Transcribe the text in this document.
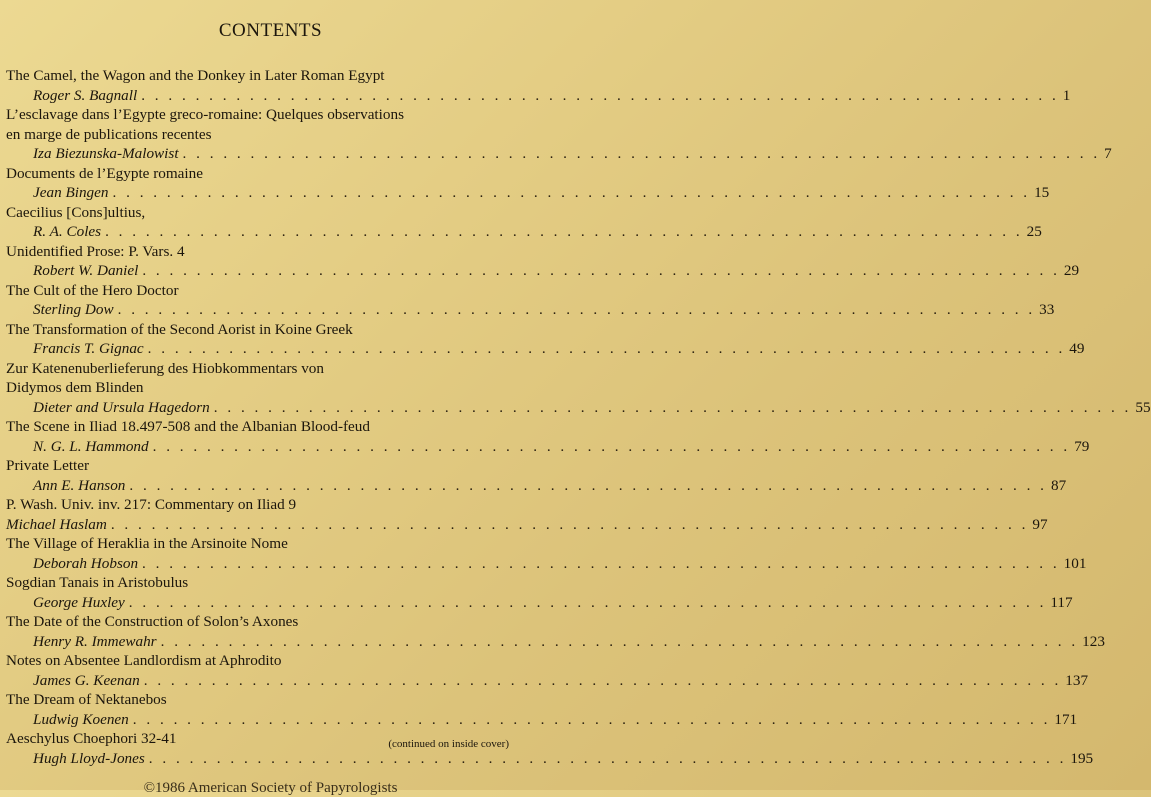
CONTENTS
The Camel, the Wagon and the Donkey in Later Roman Egypt
Roger S. Bagnall . . . . . . . . . . . . . . . . . . . . . . . . . . . . . . . . . . . . . . . . . . . . . . . . . . . . . . . . . . . . . . . . . . . . 1
L’esclavage dans l’Egypte greco-romaine: Quelques observations
en marge de publications recentes
Iza Biezunska-Malowist . . . . . . . . . . . . . . . . . . . . . . . . . . . . . . . . . . . . . . . . . . . . . . . . . . . . . . . . . . . . . . . . . . . . 7
Documents de l’Egypte romaine
Jean Bingen . . . . . . . . . . . . . . . . . . . . . . . . . . . . . . . . . . . . . . . . . . . . . . . . . . . . . . . . . . . . . . . . . . . . 15
Caecilius [Cons]ultius,
R. A. Coles . . . . . . . . . . . . . . . . . . . . . . . . . . . . . . . . . . . . . . . . . . . . . . . . . . . . . . . . . . . . . . . . . . . . 25
Unidentified Prose: P. Vars. 4
Robert W. Daniel . . . . . . . . . . . . . . . . . . . . . . . . . . . . . . . . . . . . . . . . . . . . . . . . . . . . . . . . . . . . . . . . . . . . 29
The Cult of the Hero Doctor
Sterling Dow . . . . . . . . . . . . . . . . . . . . . . . . . . . . . . . . . . . . . . . . . . . . . . . . . . . . . . . . . . . . . . . . . . . . 33
The Transformation of the Second Aorist in Koine Greek
Francis T. Gignac . . . . . . . . . . . . . . . . . . . . . . . . . . . . . . . . . . . . . . . . . . . . . . . . . . . . . . . . . . . . . . . . . . . . 49
Zur Katenenuberlieferung des Hiobkommentars von
Didymos dem Blinden
Dieter and Ursula Hagedorn . . . . . . . . . . . . . . . . . . . . . . . . . . . . . . . . . . . . . . . . . . . . . . . . . . . . . . . . . . . . . . . . . . . . 55
The Scene in Iliad 18.497-508 and the Albanian Blood-feud
N. G. L. Hammond . . . . . . . . . . . . . . . . . . . . . . . . . . . . . . . . . . . . . . . . . . . . . . . . . . . . . . . . . . . . . . . . . . . . 79
Private Letter
Ann E. Hanson . . . . . . . . . . . . . . . . . . . . . . . . . . . . . . . . . . . . . . . . . . . . . . . . . . . . . . . . . . . . . . . . . . . . 87
P. Wash. Univ. inv. 217: Commentary on Iliad 9
Michael Haslam . . . . . . . . . . . . . . . . . . . . . . . . . . . . . . . . . . . . . . . . . . . . . . . . . . . . . . . . . . . . . . . . . . . . 97
The Village of Heraklia in the Arsinoite Nome
Deborah Hobson . . . . . . . . . . . . . . . . . . . . . . . . . . . . . . . . . . . . . . . . . . . . . . . . . . . . . . . . . . . . . . . . . . . . 101
Sogdian Tanais in Aristobulus
George Huxley . . . . . . . . . . . . . . . . . . . . . . . . . . . . . . . . . . . . . . . . . . . . . . . . . . . . . . . . . . . . . . . . . . . . 117
The Date of the Construction of Solon’s Axones
Henry R. Immewahr . . . . . . . . . . . . . . . . . . . . . . . . . . . . . . . . . . . . . . . . . . . . . . . . . . . . . . . . . . . . . . . . . . . . 123
Notes on Absentee Landlordism at Aphrodito
James G. Keenan . . . . . . . . . . . . . . . . . . . . . . . . . . . . . . . . . . . . . . . . . . . . . . . . . . . . . . . . . . . . . . . . . . . . 137
The Dream of Nektanebos
Ludwig Koenen . . . . . . . . . . . . . . . . . . . . . . . . . . . . . . . . . . . . . . . . . . . . . . . . . . . . . . . . . . . . . . . . . . . . 171
Aeschylus Choephori 32-41
Hugh Lloyd-Jones . . . . . . . . . . . . . . . . . . . . . . . . . . . . . . . . . . . . . . . . . . . . . . . . . . . . . . . . . . . . . . . . . . . . 195
(continued on inside cover)
©1986 American Society of Papyrologists
